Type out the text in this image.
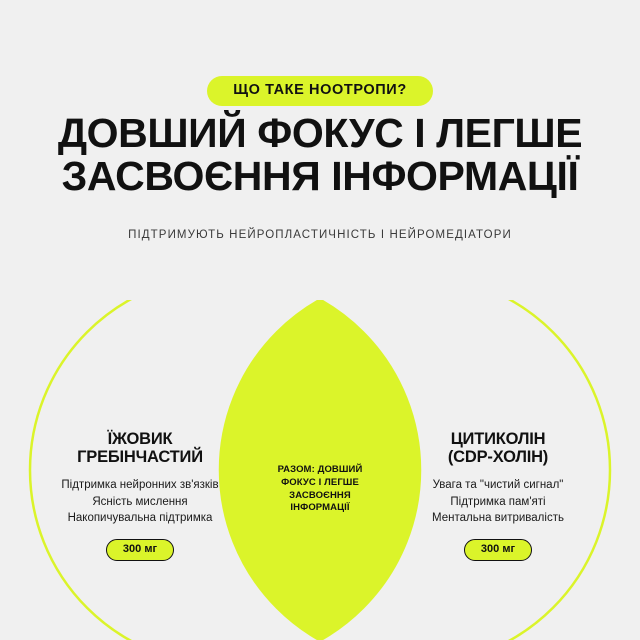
ЩО ТАКЕ НООТРОПИ?
ДОВШИЙ ФОКУС І ЛЕГШЕ
ЗАСВОЄННЯ ІНФОРМАЦІЇ
ПІДТРИМУЮТЬ НЕЙРОПЛАСТИЧНІСТЬ І НЕЙРОМЕДІАТОРИ
ЇЖОВИК
ГРЕБІНЧАСТИЙ
Підтримка нейронних зв'язків
Ясність мислення
Накопичувальна підтримка
300 мг
ЦИТИКОЛІН
(CDP-ХОЛІН)
Увага та "чистий сигнал"
Підтримка пам'яті
Ментальна витривалість
300 мг
РАЗОМ: ДОВШИЙ
ФОКУС І ЛЕГШЕ
ЗАСВОЄННЯ
ІНФОРМАЦІЇ
